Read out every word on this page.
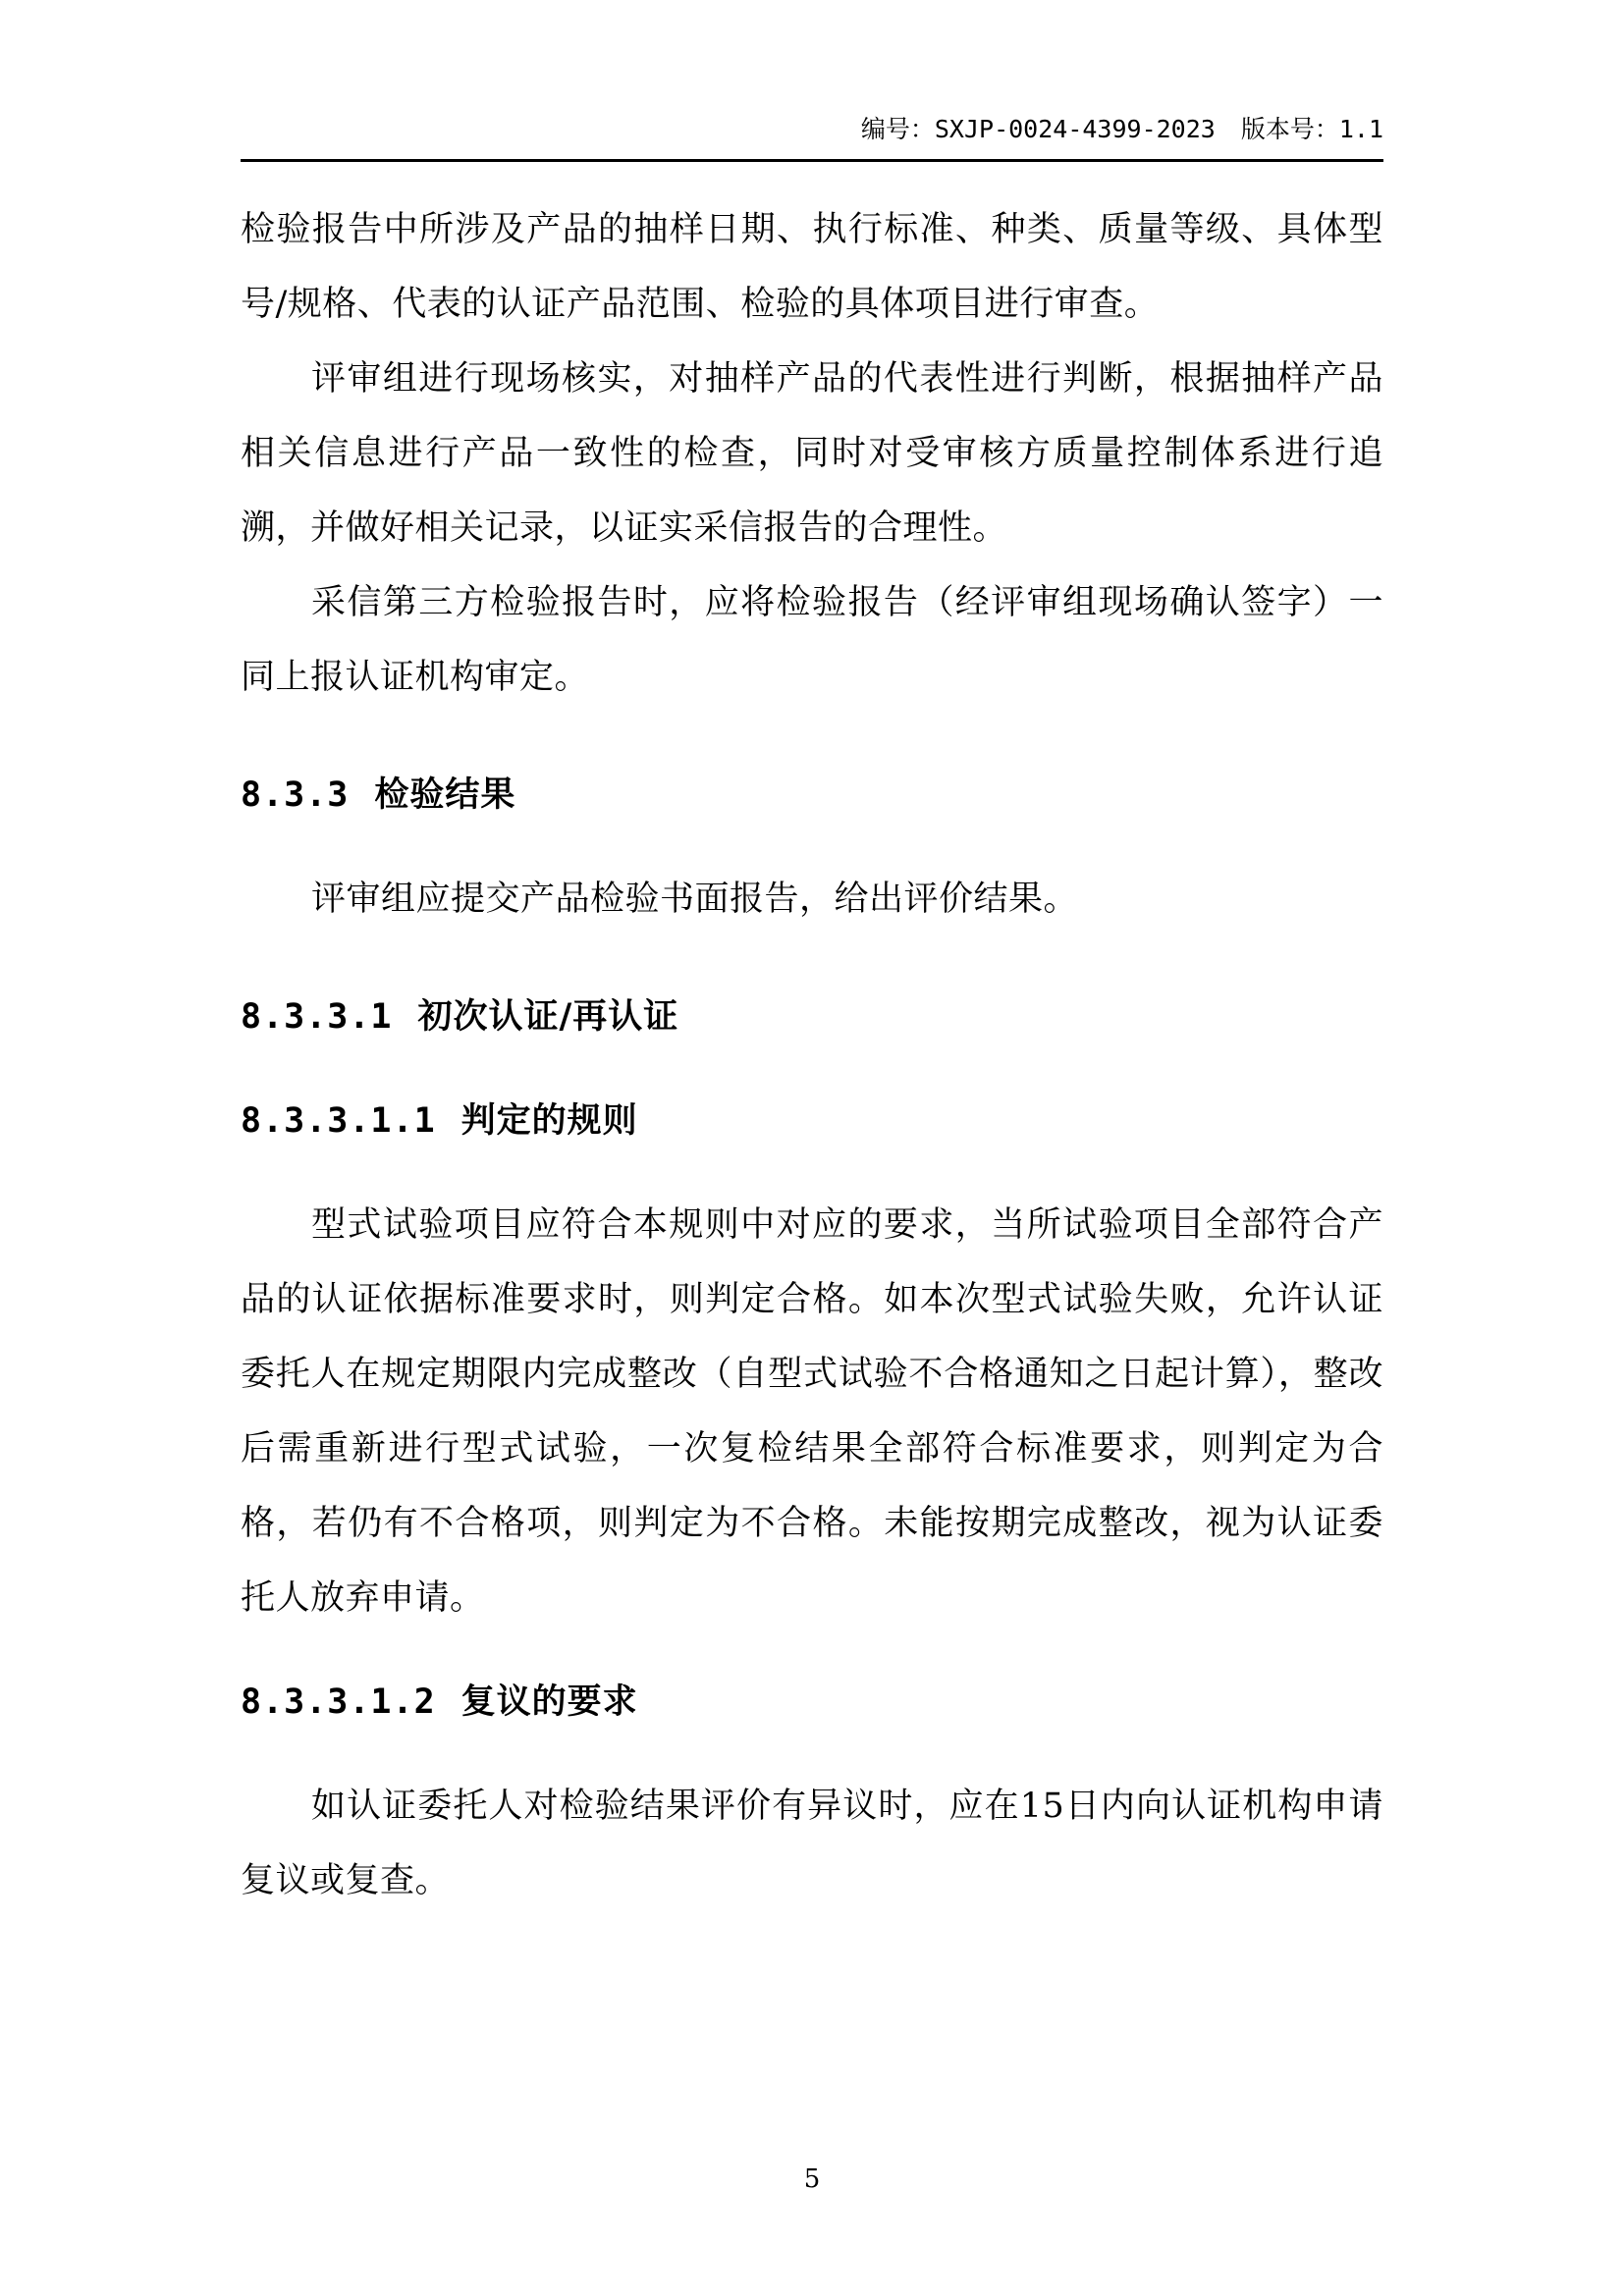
编号：SXJP-0024-4399-2023 版本号：1.1

检验报告中所涉及产品的抽样日期、执行标准、种类、质量等级、具体型号/规格、代表的认证产品范围、检验的具体项目进行审查。

评审组进行现场核实，对抽样产品的代表性进行判断，根据抽样产品相关信息进行产品一致性的检查，同时对受审核方质量控制体系进行追溯，并做好相关记录，以证实采信报告的合理性。

采信第三方检验报告时，应将检验报告（经评审组现场确认签字）一同上报认证机构审定。

8.3.3 检验结果

评审组应提交产品检验书面报告，给出评价结果。

8.3.3.1 初次认证/再认证
8.3.3.1.1 判定的规则

型式试验项目应符合本规则中对应的要求，当所试验项目全部符合产品的认证依据标准要求时，则判定合格。如本次型式试验失败，允许认证委托人在规定期限内完成整改（自型式试验不合格通知之日起计算），整改后需重新进行型式试验，一次复检结果全部符合标准要求，则判定为合格，若仍有不合格项，则判定为不合格。未能按期完成整改，视为认证委托人放弃申请。

8.3.3.1.2 复议的要求

如认证委托人对检验结果评价有异议时，应在15日内向认证机构申请复议或复查。

5
